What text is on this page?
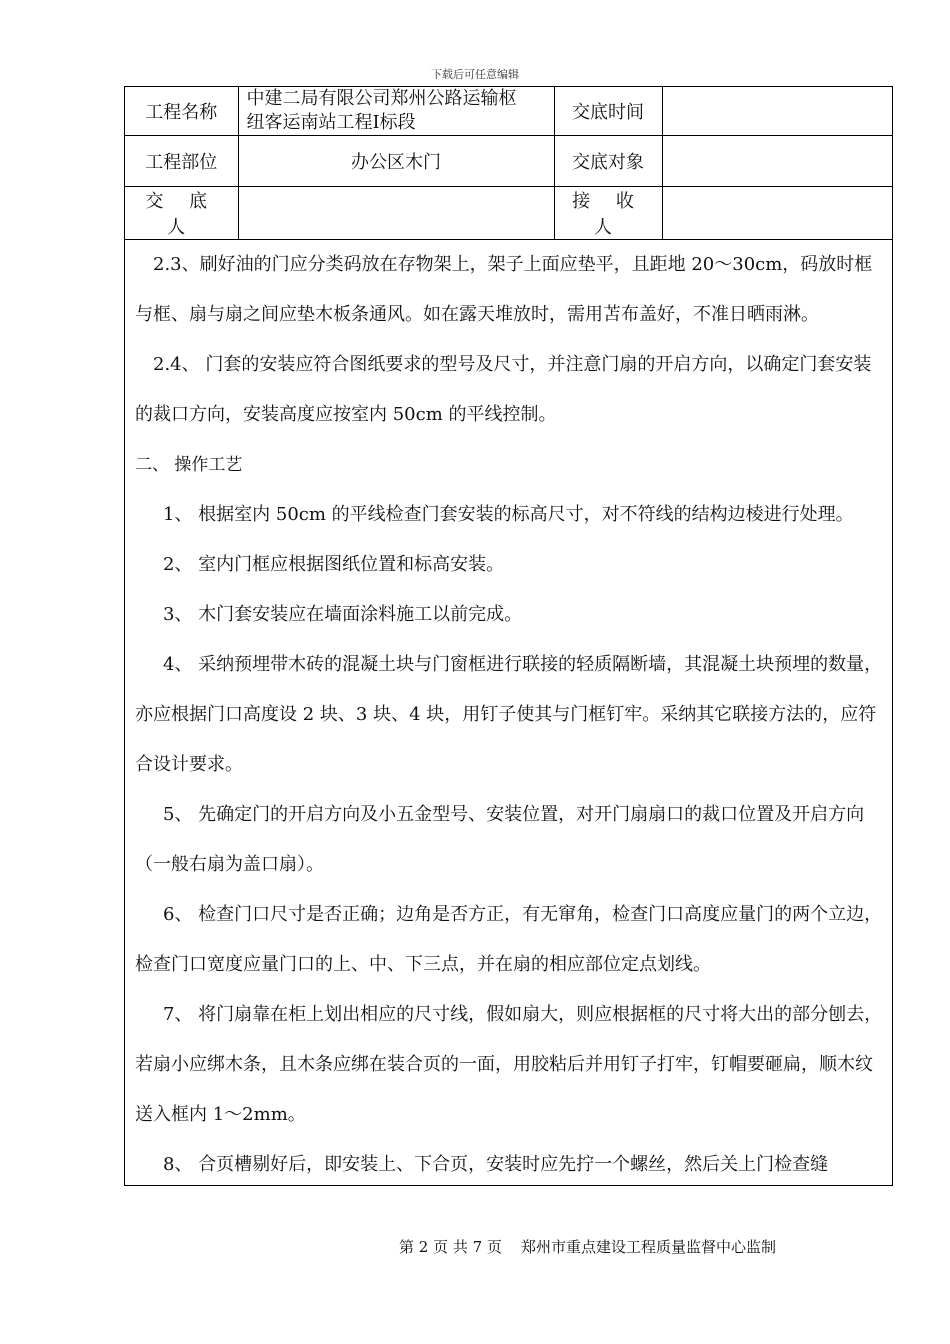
下载后可任意编辑
工程名称	中建二局有限公司郑州公路运输枢
纽客运南站工程Ⅰ标段	交底时间	
工程部位	办公区木门	交底对象	
交 底 人		接 收 人	

2.3、刷好油的门应分类码放在存物架上，架子上面应垫平，且距地 20～30cm，码放时框与框、扇与扇之间应垫木板条通风。如在露天堆放时，需用苫布盖好，不准日晒雨淋。

2.4、 门套的安装应符合图纸要求的型号及尺寸，并注意门扇的开启方向，以确定门套安装的裁口方向，安装高度应按室内 50cm 的平线控制。

二、 操作工艺

1、 根据室内 50cm 的平线检查门套安装的标高尺寸，对不符线的结构边棱进行处理。

2、 室内门框应根据图纸位置和标高安装。

3、 木门套安装应在墙面涂料施工以前完成。

4、 采纳预埋带木砖的混凝土块与门窗框进行联接的轻质隔断墙，其混凝土块预埋的数量，亦应根据门口高度设 2 块、3 块、4 块，用钉子使其与门框钉牢。采纳其它联接方法的，应符合设计要求。

5、 先确定门的开启方向及小五金型号、安装位置，对开门扇扇口的裁口位置及开启方向（一般右扇为盖口扇）。

6、 检查门口尺寸是否正确；边角是否方正，有无窜角，检查门口高度应量门的两个立边，检查门口宽度应量门口的上、中、下三点，并在扇的相应部位定点划线。

7、 将门扇靠在柜上划出相应的尺寸线，假如扇大，则应根据框的尺寸将大出的部分刨去，若扇小应绑木条，且木条应绑在装合页的一面，用胶粘后并用钉子打牢，钉帽要砸扁，顺木纹送入框内 1～2mm。

8、 合页槽剔好后，即安装上、下合页，安装时应先拧一个螺丝，然后关上门检查缝

第 2 页 共 7 页    郑州市重点建设工程质量监督中心监制
